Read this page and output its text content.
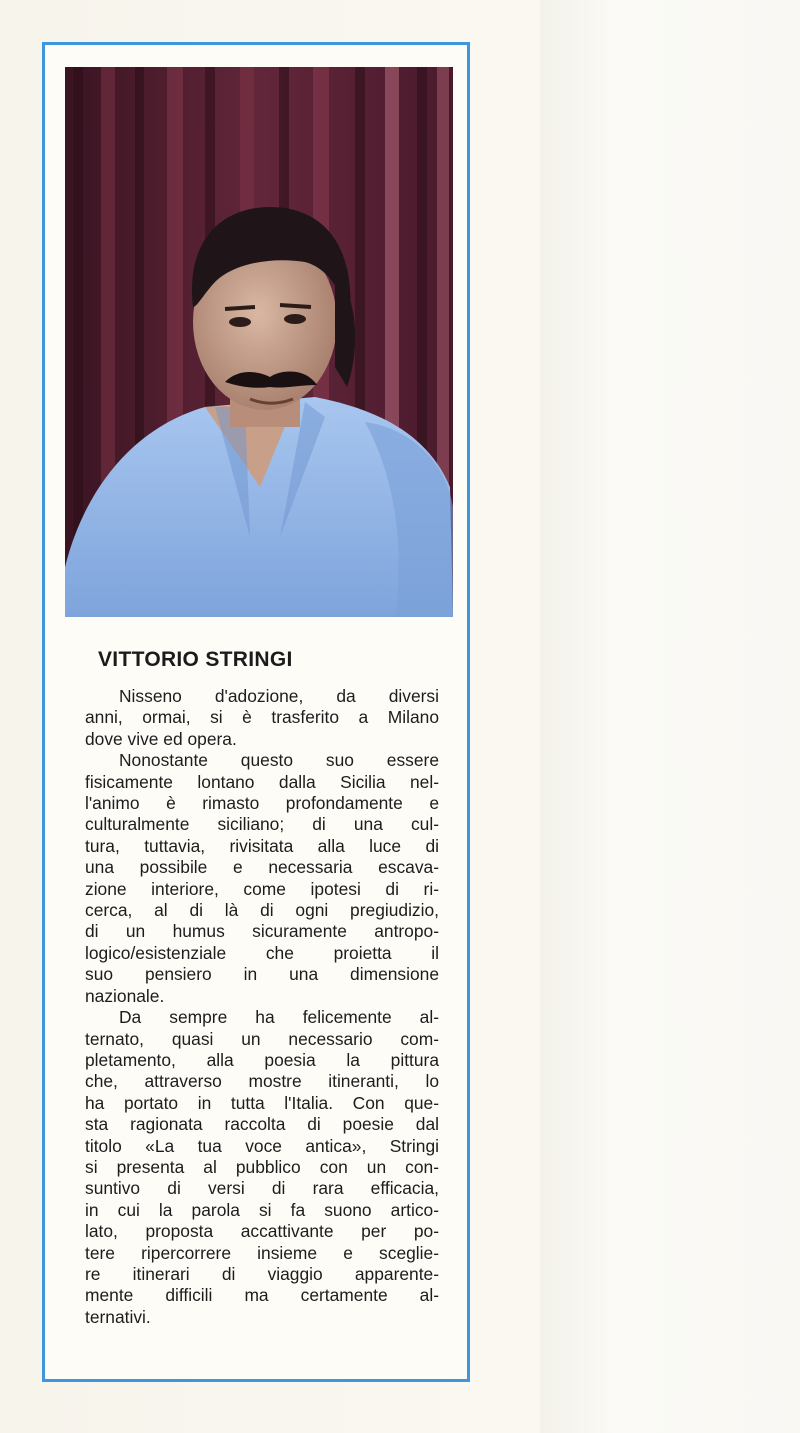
VITTORIO STRINGI

Nisseno d'adozione, da diversi
anni, ormai, si è trasferito a Milano
dove vive ed opera.

Nonostante questo suo essere
fisicamente lontano dalla Sicilia nel-
l'animo è rimasto profondamente e
culturalmente siciliano; di una cul-
tura, tuttavia, rivisitata alla luce di
una possibile e necessaria escava-
zione interiore, come ipotesi di ri-
cerca, al di là di ogni pregiudizio,
di un humus sicuramente antropo-
logico/esistenziale che proietta il
suo pensiero in una dimensione
nazionale.

Da sempre ha felicemente al-
ternato, quasi un necessario com-
pletamento, alla poesia la pittura
che, attraverso mostre itineranti, lo
ha portato in tutta l'Italia. Con que-
sta ragionata raccolta di poesie dal
titolo «La tua voce antica», Stringi
si presenta al pubblico con un con-
suntivo di versi di rara efficacia,
in cui la parola si fa suono artico-
lato, proposta accattivante per po-
tere ripercorrere insieme e sceglie-
re itinerari di viaggio apparente-
mente difficili ma certamente al-
ternativi.
